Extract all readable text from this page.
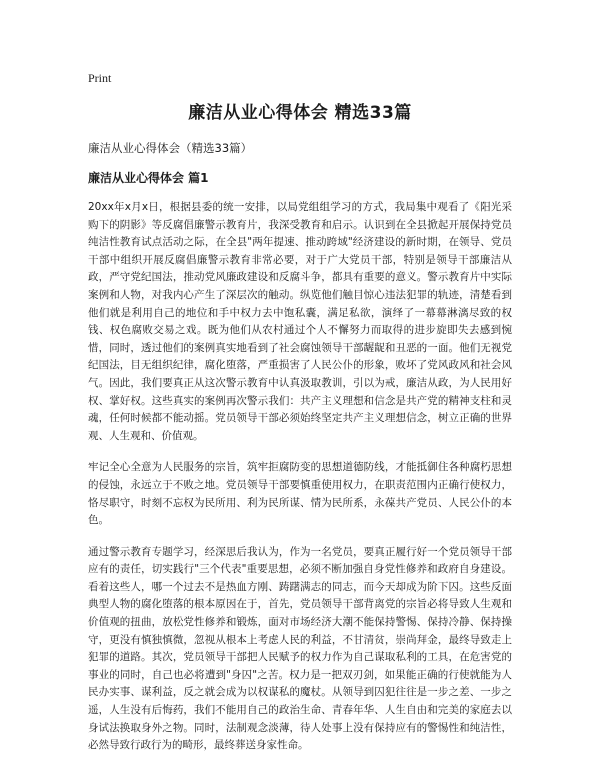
Print
廉洁从业心得体会 精选33篇

廉洁从业心得体会（精选33篇）

廉洁从业心得体会 篇1

20xx年x月x日，根据县委的统一安排，以局党组组学习的方式，我局集中观看了《阳光采购下的阴影》等反腐倡廉警示教育片，我深受教育和启示。认识到在全县掀起开展保持党员纯洁性教育试点活动之际，在全县"两年提速、推动跨域"经济建设的新时期，在领导、党员干部中组织开展反腐倡廉警示教育非常必要，对于广大党员干部，特别是领导干部廉洁从政，严守党纪国法，推动党风廉政建设和反腐斗争，都具有重要的意义。警示教育片中实际案例和人物，对我内心产生了深层次的触动。纵览他们触目惊心违法犯罪的轨迹，清楚看到他们就是利用自己的地位和手中权力去中饱私囊，满足私欲，演绎了一幕幕淋漓尽致的权钱、权色腐败交易之戏。既为他们从农村通过个人不懈努力而取得的进步旋即失去感到惋惜，同时，透过他们的案例真实地看到了社会腐蚀领导干部龌龊和丑恶的一面。他们无视党纪国法，目无组织纪律，腐化堕落，严重损害了人民公仆的形象，败坏了党风政风和社会风气。因此，我们要真正从这次警示教育中认真汲取教训，引以为戒，廉洁从政，为人民用好权、掌好权。这些真实的案例再次警示我们：共产主义理想和信念是共产党的精神支柱和灵魂，任何时候都不能动摇。党员领导干部必须始终坚定共产主义理想信念，树立正确的世界观、人生观和、价值观。

牢记全心全意为人民服务的宗旨，筑牢拒腐防变的思想道德防线，才能抵御住各种腐朽思想的侵蚀，永远立于不败之地。党员领导干部要慎重使用权力，在职责范围内正确行使权力，恪尽职守，时刻不忘权为民所用、利为民所谋、情为民所系，永葆共产党员、人民公仆的本色。

通过警示教育专题学习，经深思后我认为，作为一名党员，要真正履行好一个党员领导干部应有的责任，切实践行"三个代表"重要思想，必须不断加强自身党性修养和政府自身建设。看着这些人，哪一个过去不是热血方刚、踌躇满志的同志，而今天却成为阶下囚。这些反面典型人物的腐化堕落的根本原因在于，首先，党员领导干部背离党的宗旨必将导致人生观和价值观的扭曲，放松党性修养和锻炼，面对市场经济大潮不能保持警惕、保持冷静、保持操守，更没有慎独慎微，忽视从根本上考虑人民的利益，不甘清贫，崇尚拜金，最终导致走上犯罪的道路。其次，党员领导干部把人民赋予的权力作为自己谋取私利的工具，在危害党的事业的同时，自己也必将遭到"身囚"之苦。权力是一把双刃剑，如果能正确的行使就能为人民办实事、谋利益，反之就会成为以权谋私的魔杖。从领导到囚犯往往是一步之差、一步之遥，人生没有后悔药，我们不能用自己的政治生命、青春年华、人生自由和完美的家庭去以身试法换取身外之物。同时，法制观念淡薄，待人处事上没有保持应有的警惕性和纯洁性，必然导致行政行为的畸形，最终葬送身家性命。
